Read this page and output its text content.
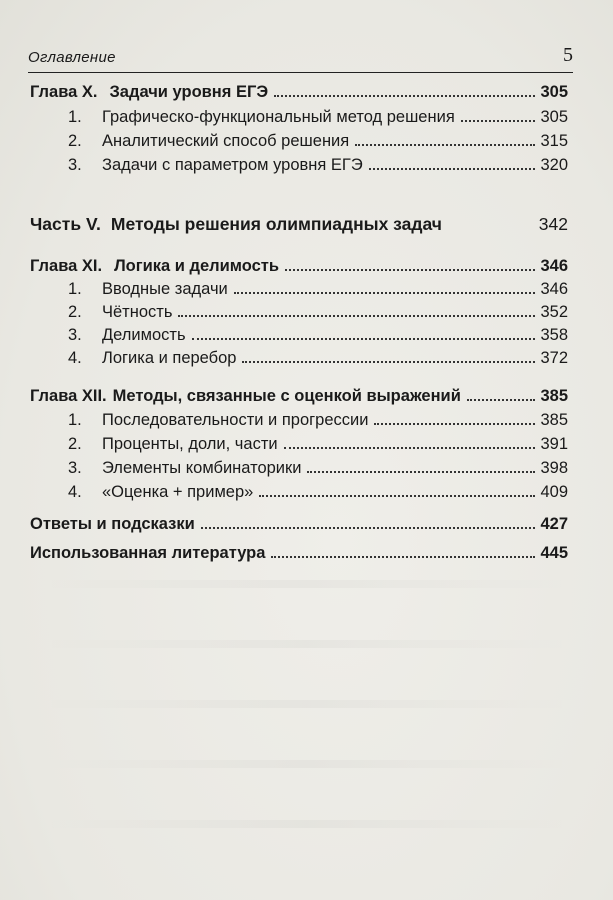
Оглавление	5
Глава X. Задачи уровня ЕГЭ	305
1.	Графическо-функциональный метод решения	305
2.	Аналитический способ решения	315
3.	Задачи с параметром уровня ЕГЭ	320
Часть V. Методы решения олимпиадных задач	342
Глава XI. Логика и делимость	346
1.	Вводные задачи	346
2.	Чётность	352
3.	Делимость	358
4.	Логика и перебор	372
Глава XII. Методы, связанные с оценкой выражений	385
1.	Последовательности и прогрессии	385
2.	Проценты, доли, части	391
3.	Элементы комбинаторики	398
4.	«Оценка + пример»	409
Ответы и подсказки	427
Использованная литература	445
